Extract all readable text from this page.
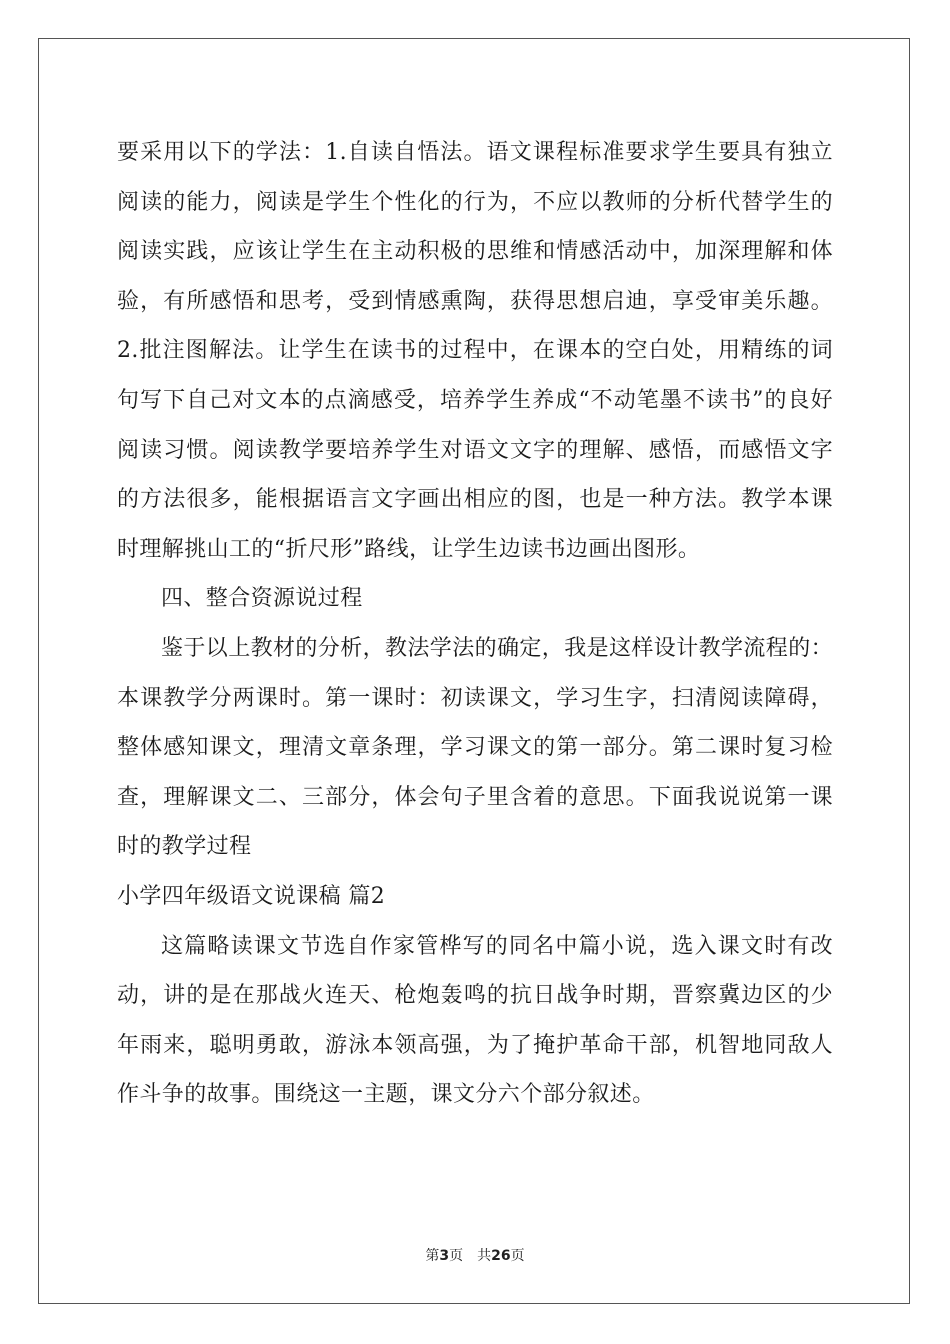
要采用以下的学法：1.自读自悟法。语文课程标准要求学生要具有独立阅读的能力，阅读是学生个性化的行为，不应以教师的分析代替学生的阅读实践，应该让学生在主动积极的思维和情感活动中，加深理解和体验，有所感悟和思考，受到情感熏陶，获得思想启迪，享受审美乐趣。2.批注图解法。让学生在读书的过程中，在课本的空白处，用精练的词句写下自己对文本的点滴感受，培养学生养成“不动笔墨不读书”的良好阅读习惯。阅读教学要培养学生对语文文字的理解、感悟，而感悟文字的方法很多，能根据语言文字画出相应的图，也是一种方法。教学本课时理解挑山工的“折尺形”路线，让学生边读书边画出图形。

四、整合资源说过程

鉴于以上教材的分析，教法学法的确定，我是这样设计教学流程的：本课教学分两课时。第一课时：初读课文，学习生字，扫清阅读障碍，整体感知课文，理清文章条理，学习课文的第一部分。第二课时复习检查，理解课文二、三部分，体会句子里含着的意思。下面我说说第一课时的教学过程

小学四年级语文说课稿 篇2

这篇略读课文节选自作家管桦写的同名中篇小说，选入课文时有改动，讲的是在那战火连天、枪炮轰鸣的抗日战争时期，晋察冀边区的少年雨来，聪明勇敢，游泳本领高强，为了掩护革命干部，机智地同敌人作斗争的故事。围绕这一主题，课文分六个部分叙述。

第3页 共26页
